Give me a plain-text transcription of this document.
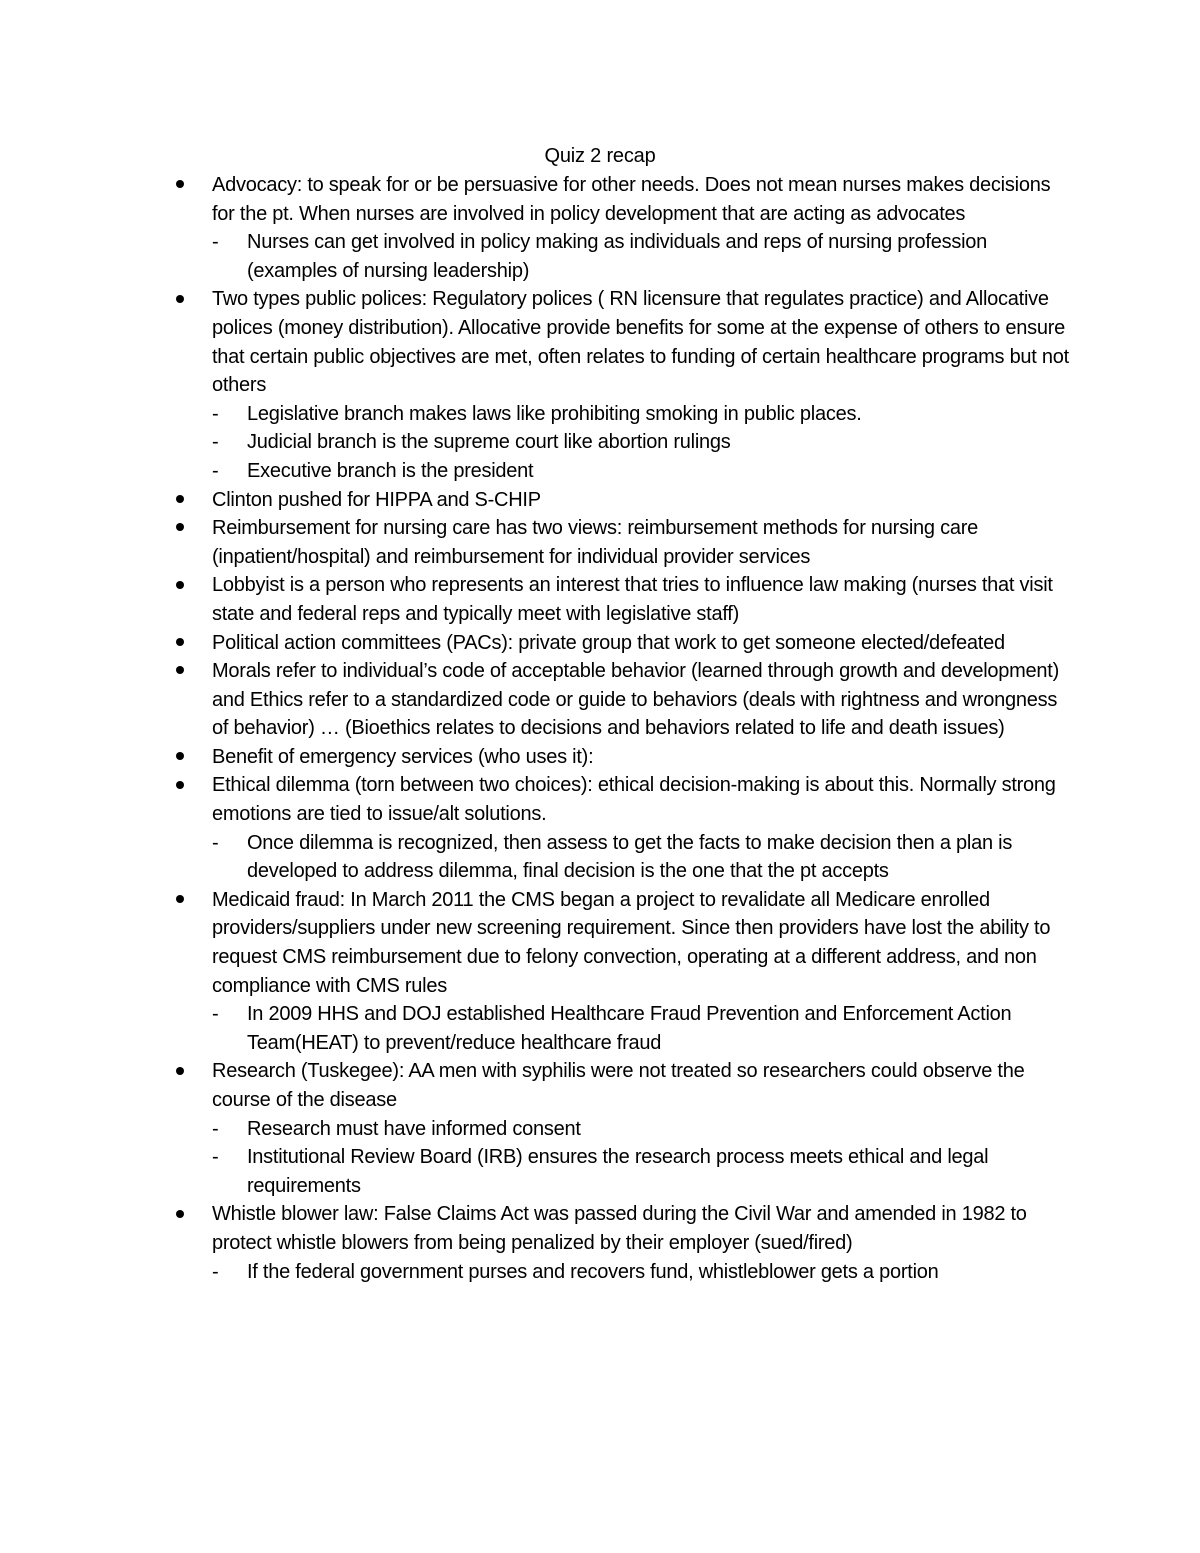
Quiz 2 recap
Advocacy: to speak for or be persuasive for other needs. Does not mean nurses makes decisions for the pt. When nurses are involved in policy development that are acting as advocates
-
Nurses can get involved in policy making as individuals and reps of nursing profession (examples of nursing leadership)
Two types public polices: Regulatory polices ( RN licensure that regulates practice) and Allocative polices (money distribution). Allocative provide benefits for some at the expense of others to ensure that certain public objectives are met, often relates to funding of certain healthcare programs but not others
-
Legislative branch makes laws like prohibiting smoking in public places.
-
Judicial branch is the supreme court like abortion rulings
-
Executive branch is the president
Clinton pushed for HIPPA and S-CHIP
Reimbursement for nursing care has two views: reimbursement methods for nursing care (inpatient/hospital) and reimbursement for individual provider services
Lobbyist is a person who represents an interest that tries to influence law making (nurses that visit state and federal reps and typically meet with legislative staff)
Political action committees (PACs): private group that work to get someone elected/defeated
Morals refer to individual’s code of acceptable behavior (learned through growth and development) and Ethics refer to a standardized code or guide to behaviors (deals with rightness and wrongness of behavior) … (Bioethics relates to decisions and behaviors related to life and death issues)
Benefit of emergency services (who uses it):
Ethical dilemma (torn between two choices): ethical decision-making is about this. Normally strong emotions are tied to issue/alt solutions.
-
Once dilemma is recognized, then assess to get the facts to make decision then a plan is developed to address dilemma, final decision is the one that the pt accepts
Medicaid fraud: In March 2011 the CMS began a project to revalidate all Medicare enrolled providers/suppliers under new screening requirement. Since then providers have lost the ability to request CMS reimbursement due to felony convection, operating at a different address, and non compliance with CMS rules
-
In 2009 HHS and DOJ established Healthcare Fraud Prevention and Enforcement Action Team(HEAT) to prevent/reduce healthcare fraud
Research (Tuskegee): AA men with syphilis were not treated so researchers could observe the course of the disease
-
Research must have informed consent
-
Institutional Review Board (IRB) ensures the research process meets ethical and legal requirements
Whistle blower law: False Claims Act was passed during the Civil War and amended in 1982 to protect whistle blowers from being penalized by their employer (sued/fired)
-
If the federal government purses and recovers fund, whistleblower gets a portion
